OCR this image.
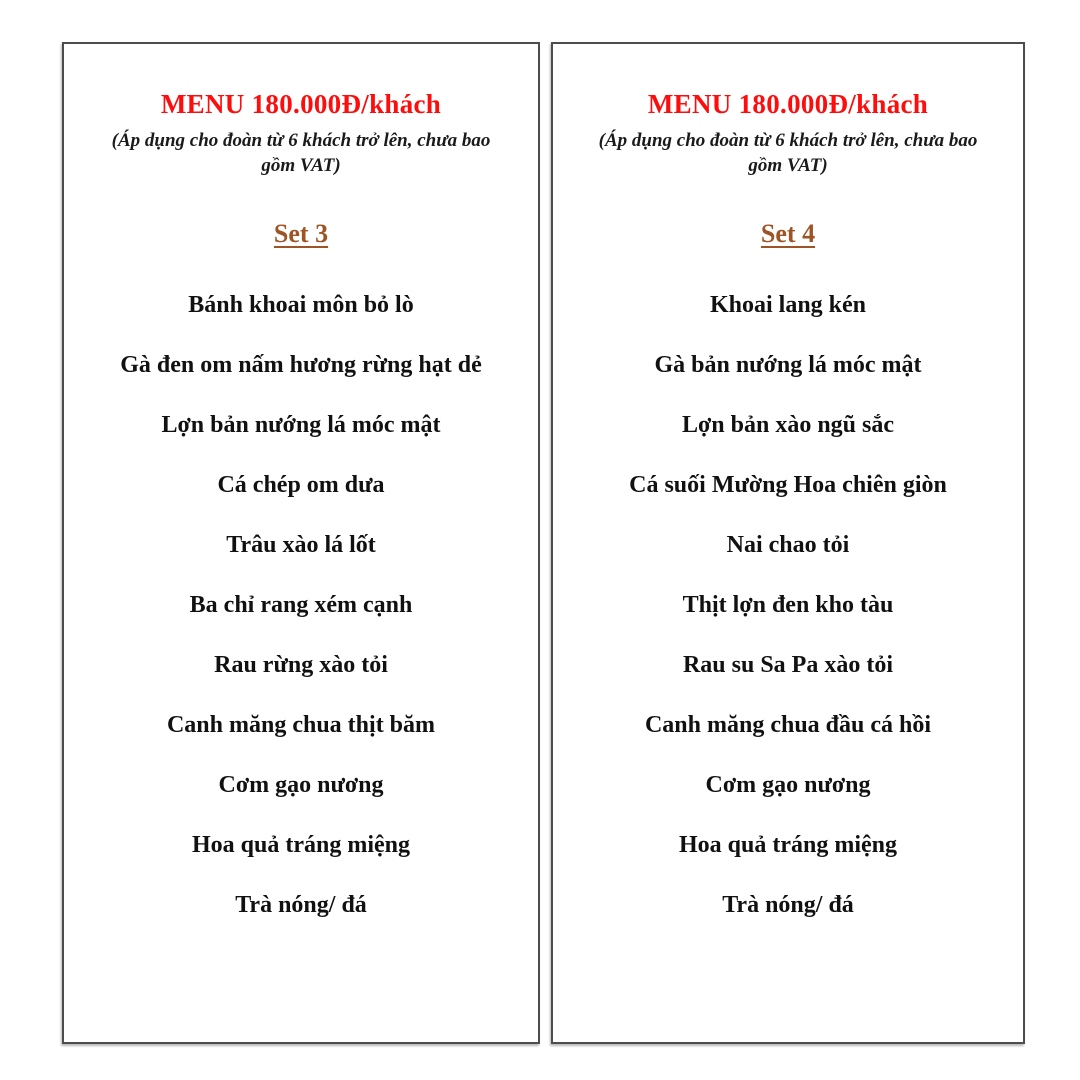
MENU 180.000Đ/khách
(Áp dụng cho đoàn từ 6 khách trở lên, chưa bao gồm VAT)
Set 3
Bánh khoai môn bỏ lò
Gà đen om nấm hương rừng hạt dẻ
Lợn bản nướng lá móc mật
Cá chép om dưa
Trâu xào lá lốt
Ba chỉ rang xém cạnh
Rau rừng xào tỏi
Canh măng chua thịt băm
Cơm gạo nương
Hoa quả tráng miệng
Trà nóng/ đá
MENU 180.000Đ/khách
(Áp dụng cho đoàn từ 6 khách trở lên, chưa bao gồm VAT)
Set 4
Khoai lang kén
Gà bản nướng lá móc mật
Lợn bản xào ngũ sắc
Cá suối Mường Hoa chiên giòn
Nai chao tỏi
Thịt lợn đen kho tàu
Rau su Sa Pa xào tỏi
Canh măng chua đầu cá hồi
Cơm gạo nương
Hoa quả tráng miệng
Trà nóng/ đá
